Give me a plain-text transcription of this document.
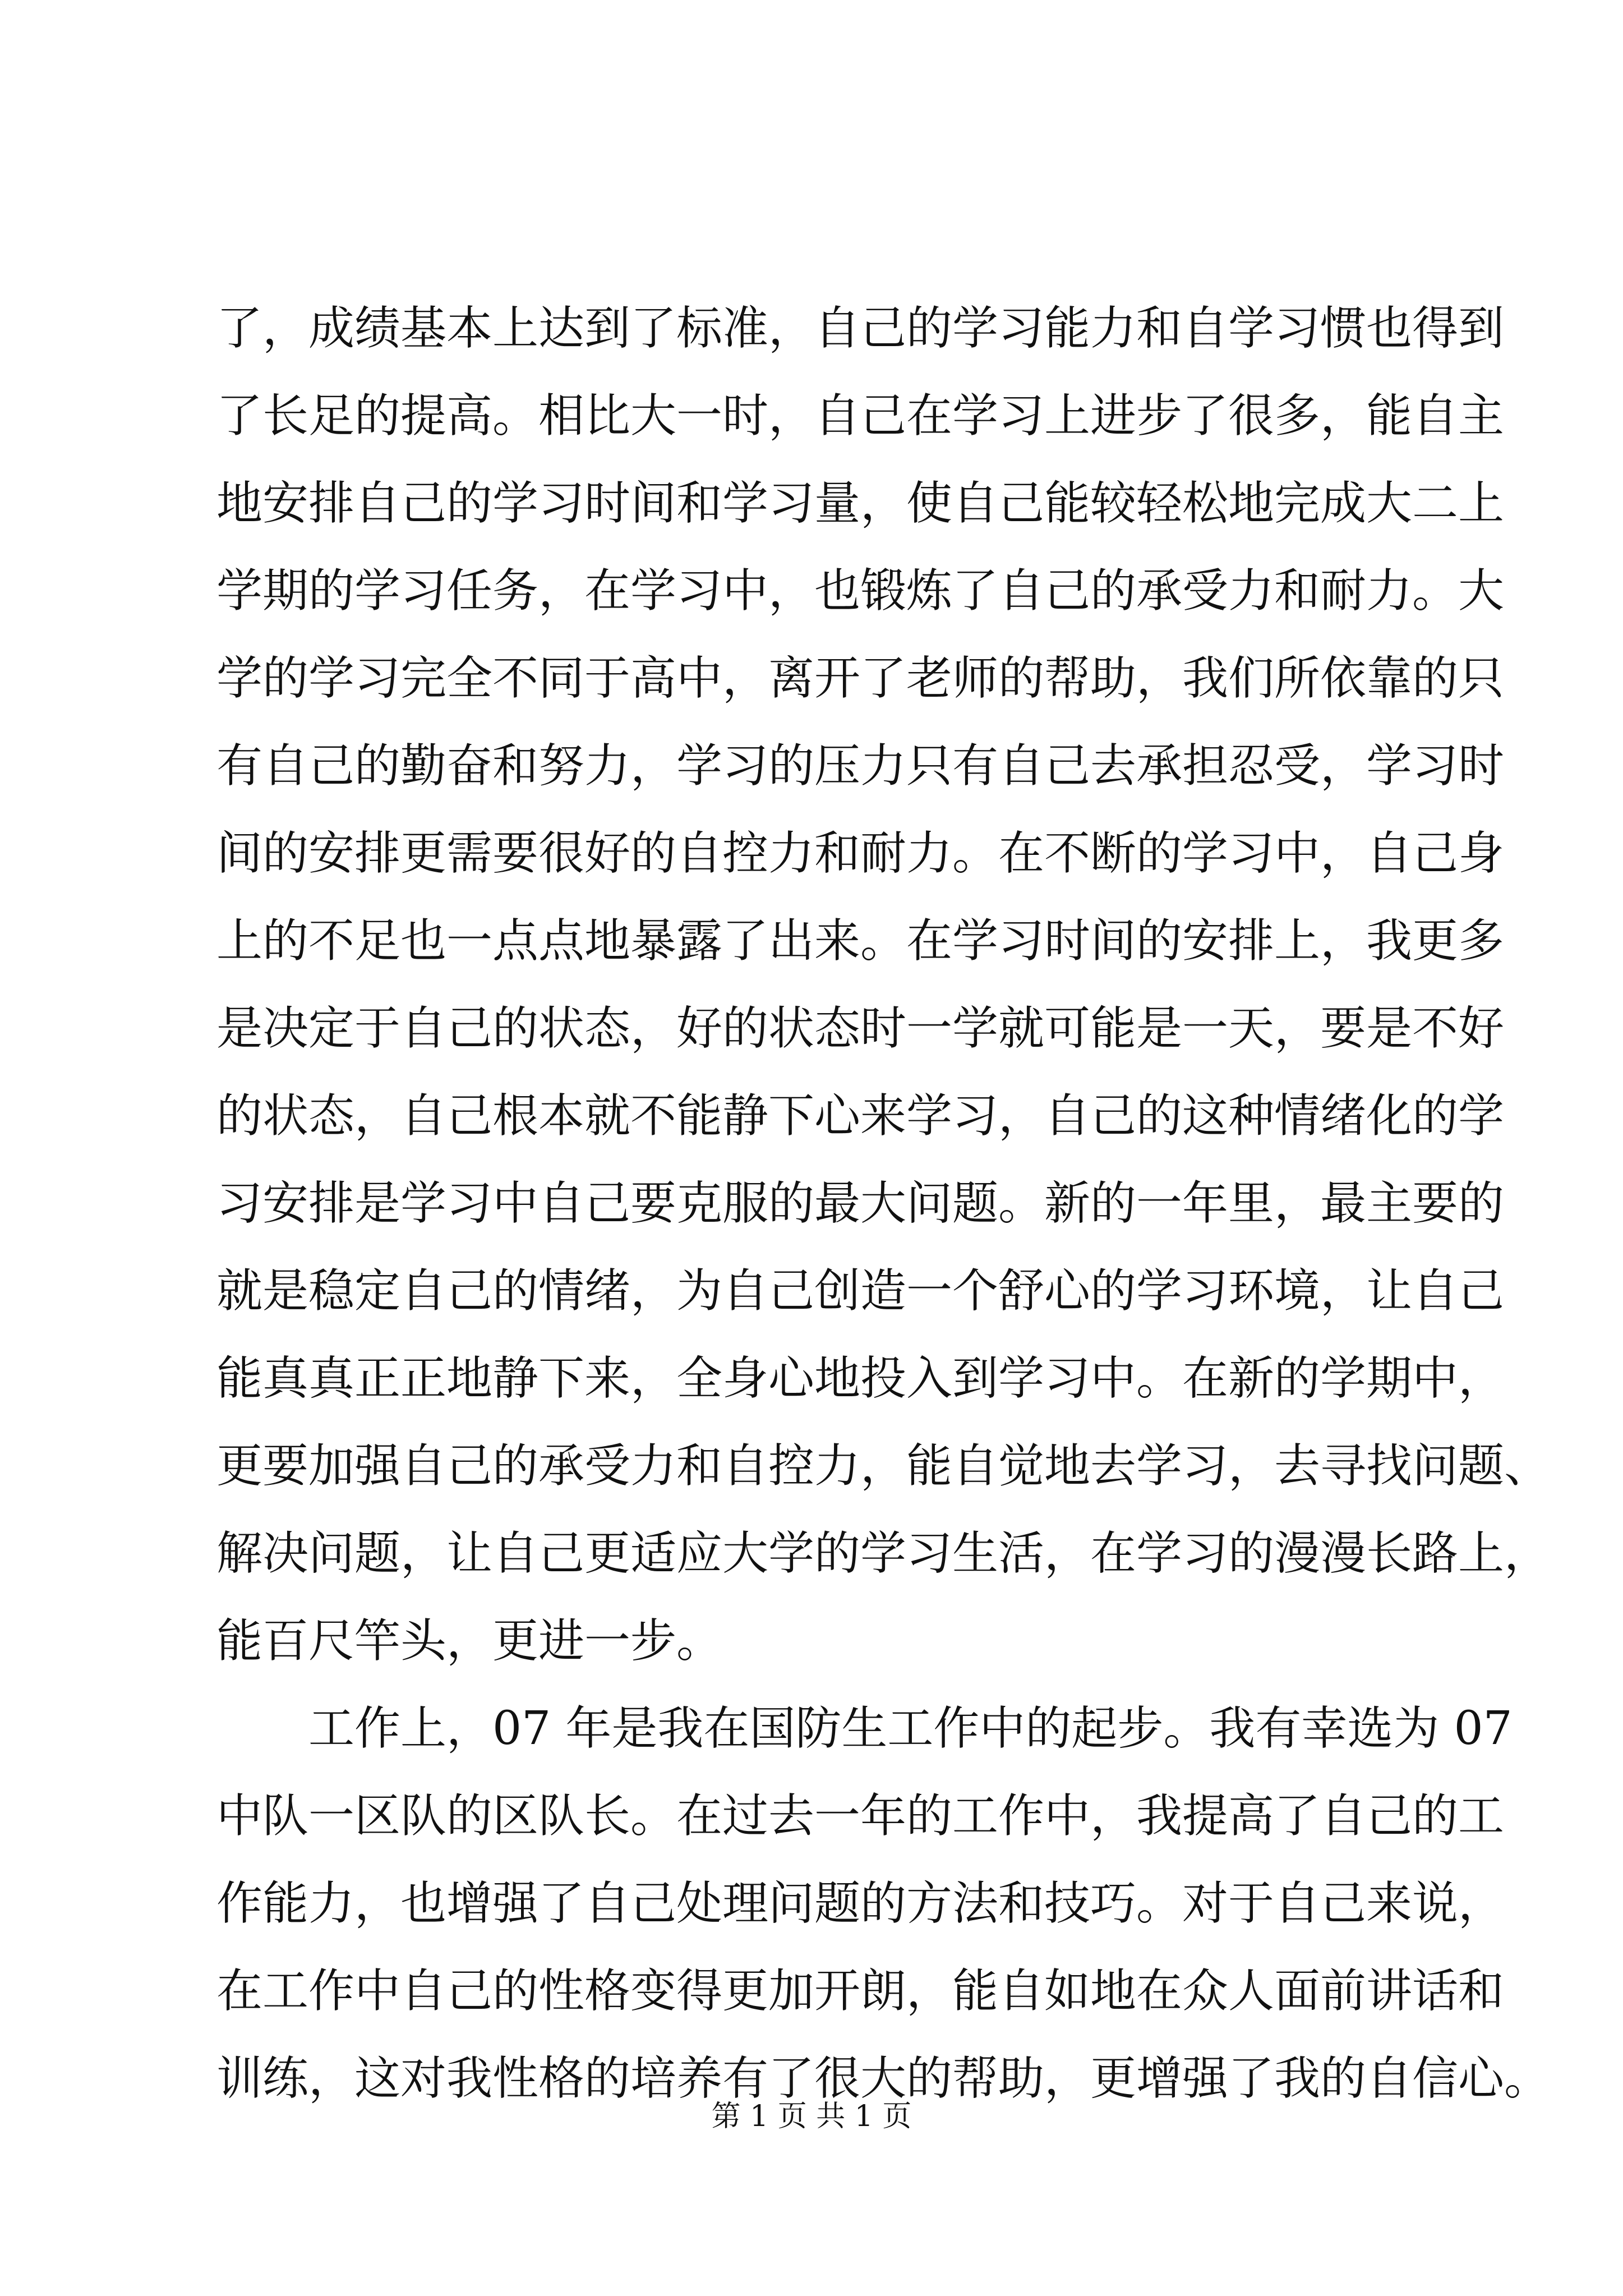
了，成绩基本上达到了标准，自己的学习能力和自学习惯也得到
了长足的提高。相比大一时，自己在学习上进步了很多，能自主
地安排自己的学习时间和学习量，使自己能较轻松地完成大二上
学期的学习任务，在学习中，也锻炼了自己的承受力和耐力。大
学的学习完全不同于高中，离开了老师的帮助，我们所依靠的只
有自己的勤奋和努力，学习的压力只有自己去承担忍受，学习时
间的安排更需要很好的自控力和耐力。在不断的学习中，自己身
上的不足也一点点地暴露了出来。在学习时间的安排上，我更多
是决定于自己的状态，好的状态时一学就可能是一天，要是不好
的状态，自己根本就不能静下心来学习，自己的这种情绪化的学
习安排是学习中自己要克服的最大问题。新的一年里，最主要的
就是稳定自己的情绪，为自己创造一个舒心的学习环境，让自己
能真真正正地静下来，全身心地投入到学习中。在新的学期中，
更要加强自己的承受力和自控力，能自觉地去学习，去寻找问题、
解决问题，让自己更适应大学的学习生活，在学习的漫漫长路上，
能百尺竿头，更进一步。
工作上，07 年是我在国防生工作中的起步。我有幸选为 07
中队一区队的区队长。在过去一年的工作中，我提高了自己的工
作能力，也增强了自己处理问题的方法和技巧。对于自己来说，
在工作中自己的性格变得更加开朗，能自如地在众人面前讲话和
训练，这对我性格的培养有了很大的帮助，更增强了我的自信心。
第 1 页 共 1 页
